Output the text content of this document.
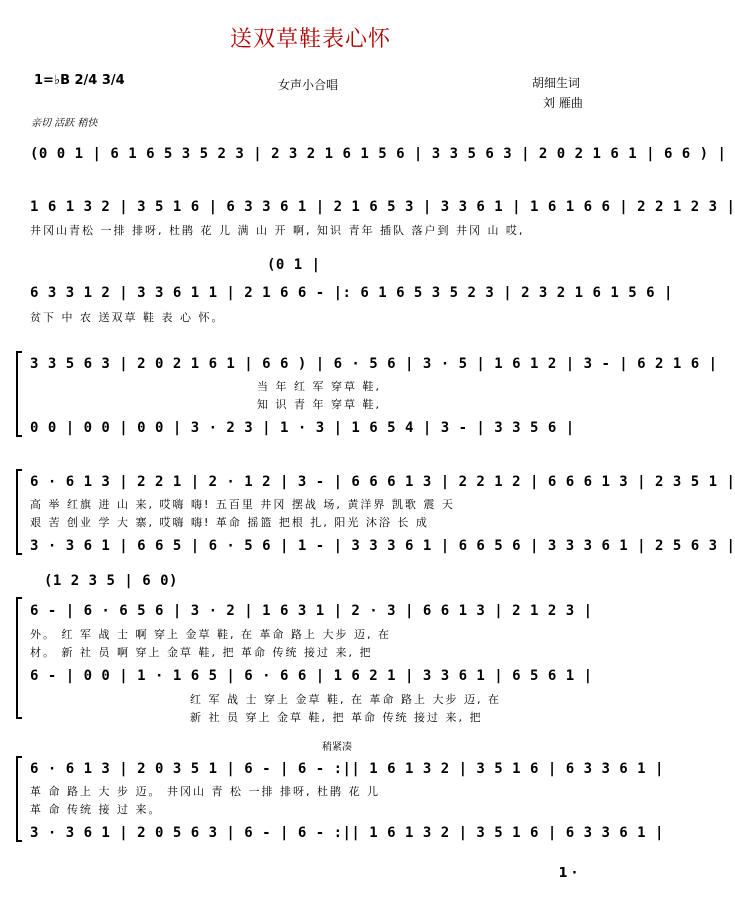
送双草鞋表心怀
1=♭B 2/4 3/4	女声小合唱	胡细生词
刘 雁曲
亲切 活跃 稍快
(0 0 1 | 6 1 6 5 3 5 2 3 | 2 3 2 1 6 1 5 6 | 3 3 5 6 3 | 2 0 2 1 6 1 | 6 6 ) |
1 6 1 3 2 | 3 5 1 6 | 6 3 3 6 1 | 2 1 6 5 3 | 3 3 6 1 | 1 6 1 6 6 | 2 2 1 2 3 |
井冈山青松 一排 排呀, 杜鹃 花 儿 满 山 开 啊, 知识 青年 插队 落户到 井冈 山 哎,
(0 1 |
6 3 3 1 2 | 3 3 6 1 1 | 2 1 6 6 - |: 6 1 6 5 3 5 2 3 | 2 3 2 1 6 1 5 6 |
贫下 中 农 送双草 鞋 表 心 怀。
3 3 5 6 3 | 2 0 2 1 6 1 | 6 6 ) | 6 · 5 6 | 3 · 5 | 1 6 1 2 | 3 - | 6 2 1 6 |
当 年 红 军 穿草 鞋,
知 识 青 年 穿草 鞋,
0 0 | 0 0 | 0 0 | 3 · 2 3 | 1 · 3 | 1 6 5 4 | 3 - | 3 3 5 6 |
6 · 6 1 3 | 2 2 1 | 2 · 1 2 | 3 - | 6 6 6 1 3 | 2 2 1 2 | 6 6 6 1 3 | 2 3 5 1 |
高 举 红旗 进 山 来, 哎嗨 嗨! 五百里 井冈 摆战 场, 黄洋界 凯歌 震 天
艰 苦 创业 学 大 寨, 哎嗨 嗨! 革命 摇篮 把根 扎, 阳光 沐浴 长 成
3 · 3 6 1 | 6 6 5 | 6 · 5 6 | 1 - | 3 3 3 6 1 | 6 6 5 6 | 3 3 3 6 1 | 2 5 6 3 |
(1 2 3 5 | 6 0)
6 - | 6 · 6 5 6 | 3 · 2 | 1 6 3 1 | 2 · 3 | 6 6 1 3 | 2 1 2 3 |
外。 红 军 战 士 啊 穿上 金草 鞋, 在 革命 路上 大步 迈, 在
材。 新 社 员 啊 穿上 金草 鞋, 把 革命 传统 接过 来, 把
6 - | 0 0 | 1 · 1 6 5 | 6 · 6 6 | 1 6 2 1 | 3 3 6 1 | 6 5 6 1 |
红 军 战 士 穿上 金草 鞋, 在 革命 路上 大步 迈, 在
新 社 员 穿上 金草 鞋, 把 革命 传统 接过 来, 把
稍紧凑
6 · 6 1 3 | 2 0 3 5 1 | 6 - | 6 - :|| 1 6 1 3 2 | 3 5 1 6 | 6 3 3 6 1 |
革 命 路上 大 步 迈。 井冈山 青 松 一排 排呀, 杜鹃 花 儿
革 命 传统 接 过 来。
3 · 3 6 1 | 2 0 5 6 3 | 6 - | 6 - :|| 1 6 1 3 2 | 3 5 1 6 | 6 3 3 6 1 |
1 ·
